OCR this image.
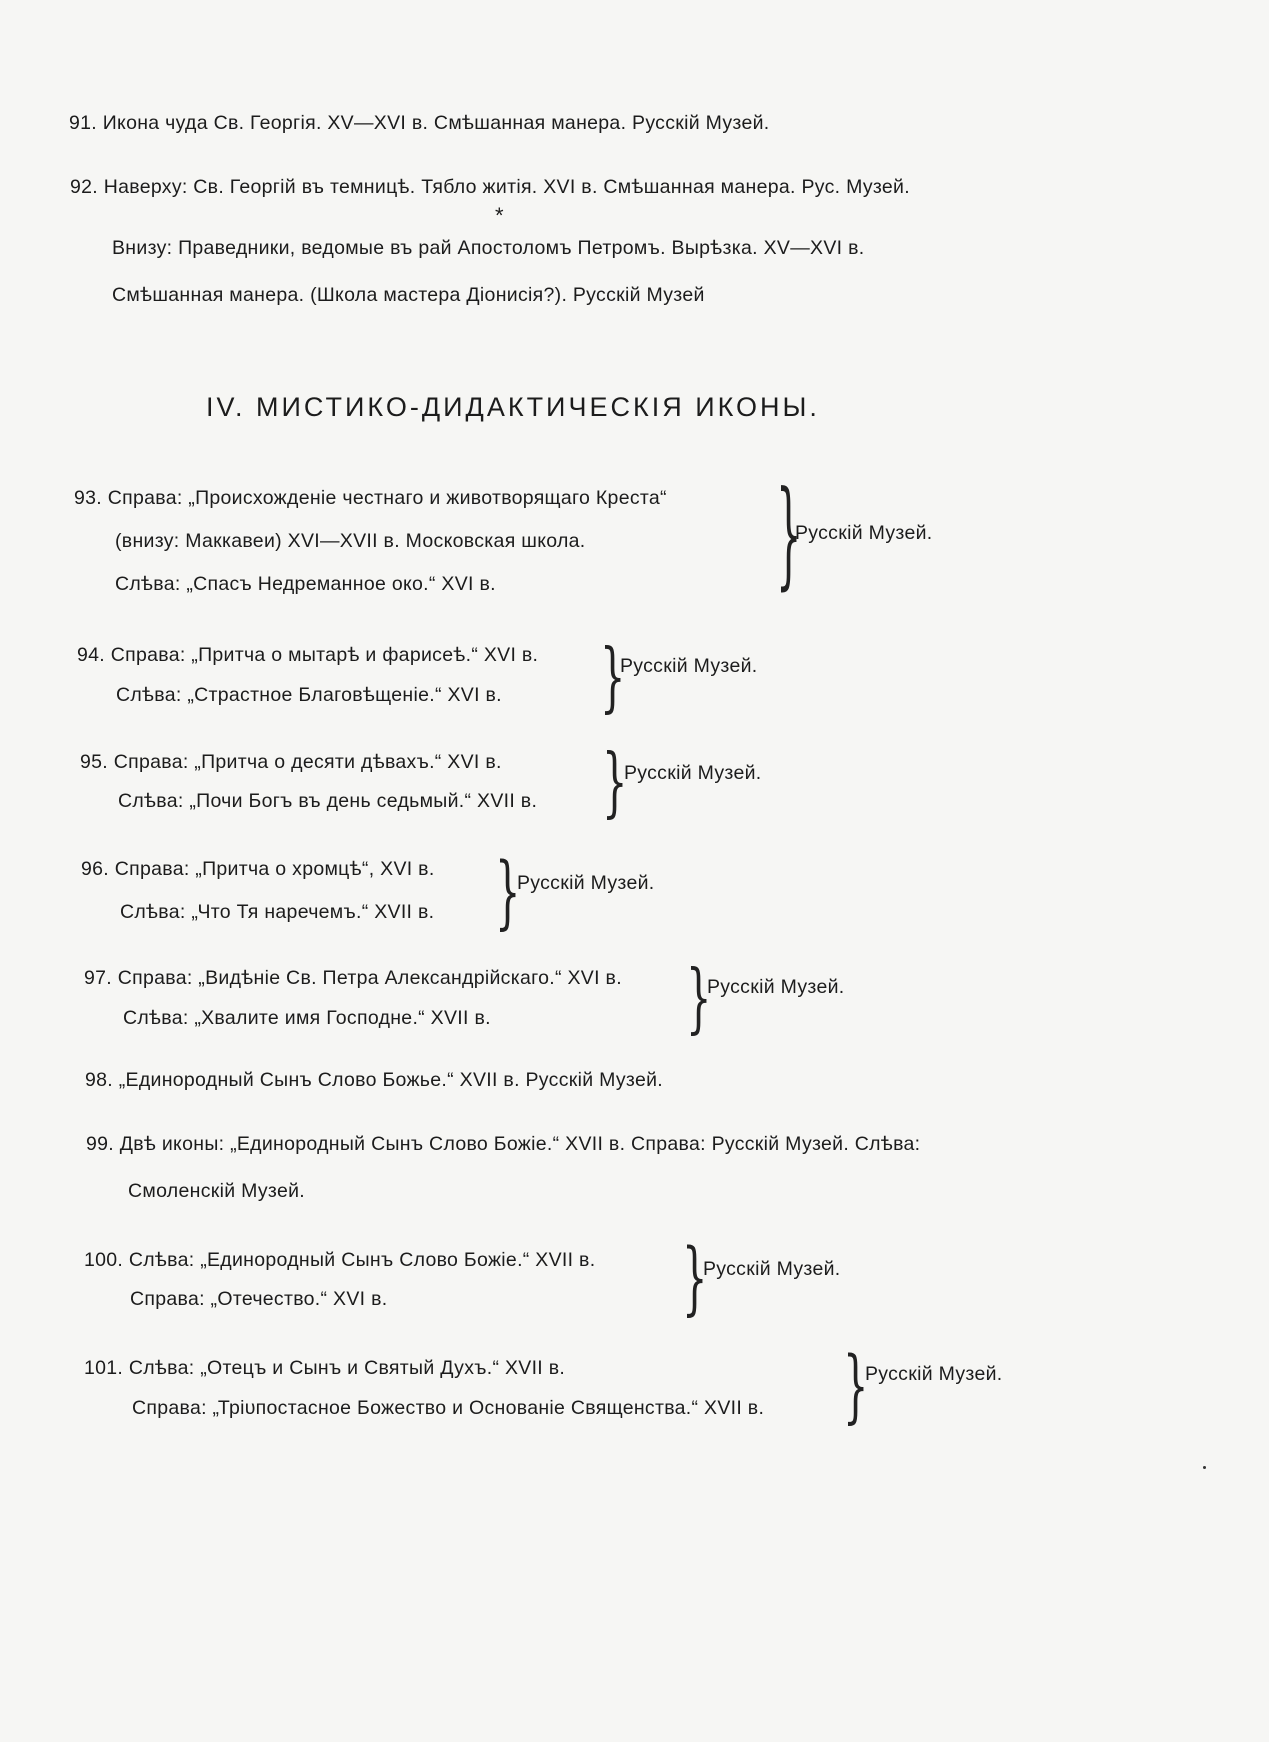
91. Икона чуда Св. Георгія. XV—XVI в. Смѣшанная манера. Русскій Музей.
92. Наверху: Св. Георгій въ темницѣ. Тябло житія. XVI в. Смѣшанная манера. Рус. Музей.
*
Внизу: Праведники, ведомые въ рай Апостоломъ Петромъ. Вырѣзка. XV—XVI в.
Смѣшанная манера. (Школа мастера Діонисія?). Русскій Музей
IV. МИСТИКО-ДИДАКТИЧЕСКІЯ ИКОНЫ.
93. Справа: „Происхожденіе честнаго и животворящаго Креста“
(внизу: Маккавеи) XVI—XVII в. Московская школа.
Слѣва: „Спасъ Недреманное око.“ XVI в.	}
Русскій Музей.
94. Справа: „Притча о мытарѣ и фарисеѣ.“ XVI в.
Слѣва: „Страстное Благовѣщеніе.“ XVI в. }
Русскій Музей.
95. Справа: „Притча о десяти дѣвахъ.“ XVI в.
Слѣва: „Почи Богъ въ день седьмый.“ XVII в. }
Русскій Музей.
96. Справа: „Притча о хромцѣ“, XVI в.
Слѣва: „Что Тя наречемъ.“ XVII в. }
Русскій Музей.
97. Справа: „Видѣніе Св. Петра Александрійскаго.“ XVI в.
Слѣва: „Хвалите имя Господне.“ XVII в.	}
Русскій Музей.
98. „Единородный Сынъ Слово Божье.“ XVII в. Русскій Музей.
99. Двѣ иконы: „Единородный Сынъ Слово Божіе.“ XVII в. Справа: Русскій Музей. Слѣва:
Смоленскій Музей.
100. Слѣва: „Единородный Сынъ Слово Божіе.“ XVII в.
Справа: „Отечество.“ XVI в.	}
Русскій Музей.
101. Слѣва: „Отецъ и Сынъ и Святый Духъ.“ XVII в.
Справа: „Трiυпостасное Божество и Основаніе Священства.“ XVII в. }
Русскій Музей.
